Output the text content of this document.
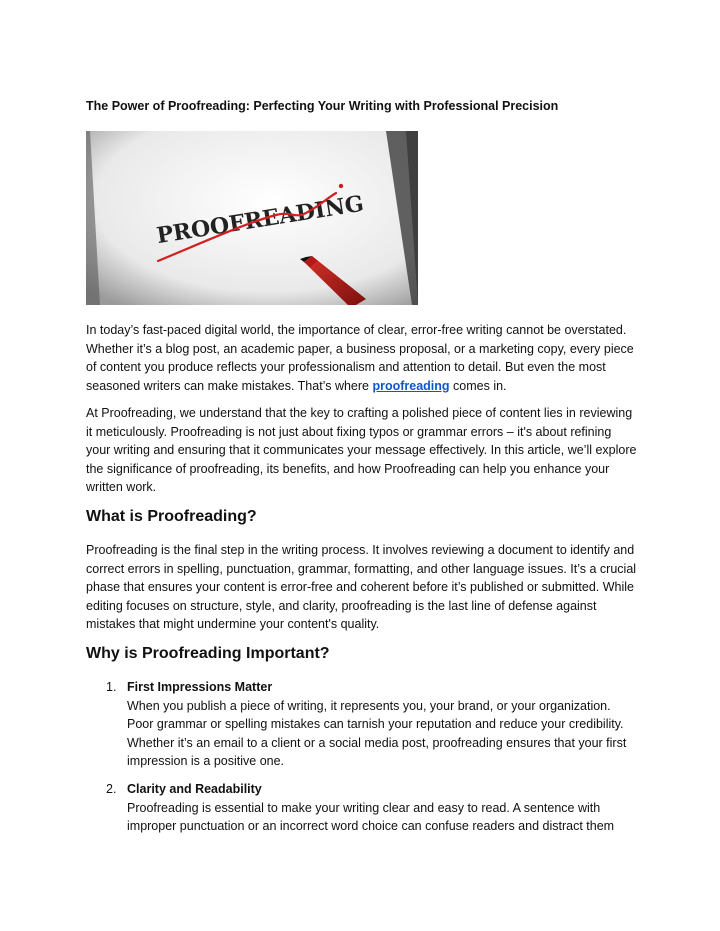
The Power of Proofreading: Perfecting Your Writing with Professional Precision
PROOFREADING

In today’s fast-paced digital world, the importance of clear, error-free writing cannot be overstated. Whether it’s a blog post, an academic paper, a business proposal, or a marketing copy, every piece of content you produce reflects your professionalism and attention to detail. But even the most seasoned writers can make mistakes. That’s where proofreading comes in.

At Proofreading, we understand that the key to crafting a polished piece of content lies in reviewing it meticulously. Proofreading is not just about fixing typos or grammar errors – it's about refining your writing and ensuring that it communicates your message effectively. In this article, we’ll explore the significance of proofreading, its benefits, and how Proofreading can help you enhance your written work.

What is Proofreading?

Proofreading is the final step in the writing process. It involves reviewing a document to identify and correct errors in spelling, punctuation, grammar, formatting, and other language issues. It’s a crucial phase that ensures your content is error-free and coherent before it’s published or submitted. While editing focuses on structure, style, and clarity, proofreading is the last line of defense against mistakes that might undermine your content's quality.

Why is Proofreading Important?
1. First Impressions Matter
When you publish a piece of writing, it represents you, your brand, or your organization. Poor grammar or spelling mistakes can tarnish your reputation and reduce your credibility. Whether it’s an email to a client or a social media post, proofreading ensures that your first impression is a positive one.
2. Clarity and Readability
Proofreading is essential to make your writing clear and easy to read. A sentence with improper punctuation or an incorrect word choice can confuse readers and distract them
